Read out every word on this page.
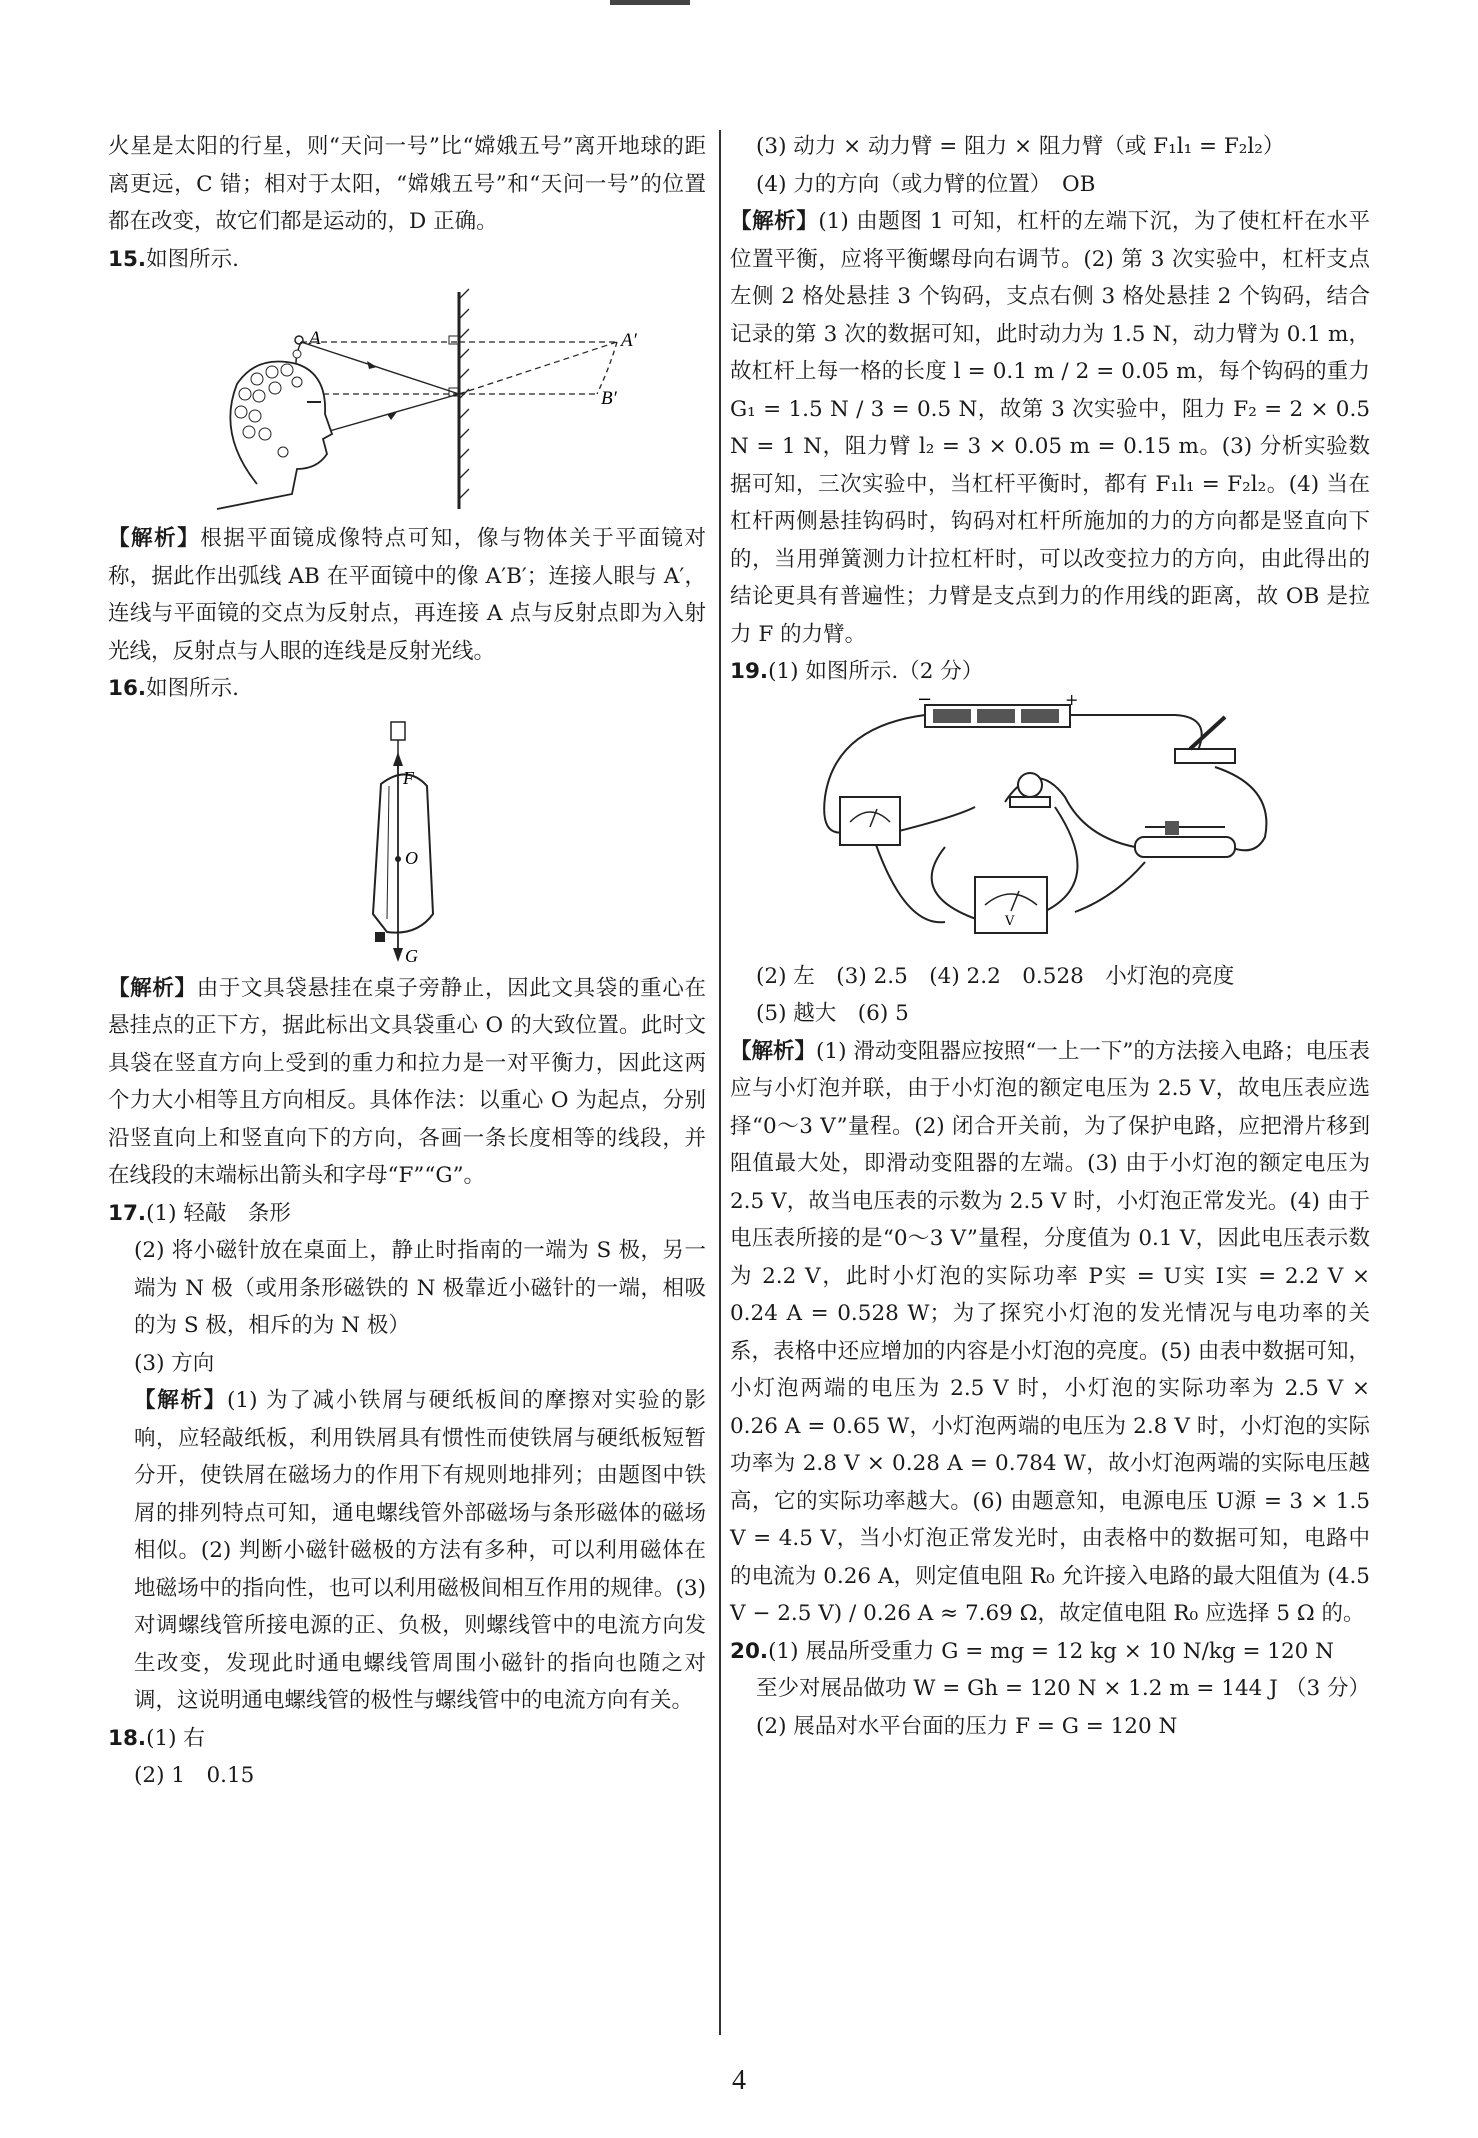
火星是太阳的行星，则“天问一号”比“嫦娥五号”离开地球的距离更远，C 错；相对于太阳，“嫦娥五号”和“天问一号”的位置都在改变，故它们都是运动的，D 正确。

15.如图所示.

A	A′
B′

【解析】根据平面镜成像特点可知，像与物体关于平面镜对称，据此作出弧线 AB 在平面镜中的像 A′B′；连接人眼与 A′，连线与平面镜的交点为反射点，再连接 A 点与反射点即为入射光线，反射点与人眼的连线是反射光线。

16.如图所示.

F
O
G

【解析】由于文具袋悬挂在桌子旁静止，因此文具袋的重心在悬挂点的正下方，据此标出文具袋重心 O 的大致位置。此时文具袋在竖直方向上受到的重力和拉力是一对平衡力，因此这两个力大小相等且方向相反。具体作法：以重心 O 为起点，分别沿竖直向上和竖直向下的方向，各画一条长度相等的线段，并在线段的末端标出箭头和字母“F”“G”。

17.(1) 轻敲　条形

(2) 将小磁针放在桌面上，静止时指南的一端为 S 极，另一端为 N 极（或用条形磁铁的 N 极靠近小磁针的一端，相吸的为 S 极，相斥的为 N 极）

(3) 方向

【解析】(1) 为了减小铁屑与硬纸板间的摩擦对实验的影响，应轻敲纸板，利用铁屑具有惯性而使铁屑与硬纸板短暂分开，使铁屑在磁场力的作用下有规则地排列；由题图中铁屑的排列特点可知，通电螺线管外部磁场与条形磁体的磁场相似。(2) 判断小磁针磁极的方法有多种，可以利用磁体在地磁场中的指向性，也可以利用磁极间相互作用的规律。(3) 对调螺线管所接电源的正、负极，则螺线管中的电流方向发生改变，发现此时通电螺线管周围小磁针的指向也随之对调，这说明通电螺线管的极性与螺线管中的电流方向有关。

18.(1) 右

(2) 1　0.15

(3) 动力 × 动力臂 = 阻力 × 阻力臂（或 F₁l₁ = F₂l₂）

(4) 力的方向（或力臂的位置）　OB

【解析】(1) 由题图 1 可知，杠杆的左端下沉，为了使杠杆在水平位置平衡，应将平衡螺母向右调节。(2) 第 3 次实验中，杠杆支点左侧 2 格处悬挂 3 个钩码，支点右侧 3 格处悬挂 2 个钩码，结合记录的第 3 次的数据可知，此时动力为 1.5 N，动力臂为 0.1 m，故杠杆上每一格的长度 l = 0.1 m / 2 = 0.05 m，每个钩码的重力 G₁ = 1.5 N / 3 = 0.5 N，故第 3 次实验中，阻力 F₂ = 2 × 0.5 N = 1 N，阻力臂 l₂ = 3 × 0.05 m = 0.15 m。(3) 分析实验数据可知，三次实验中，当杠杆平衡时，都有 F₁l₁ = F₂l₂。(4) 当在杠杆两侧悬挂钩码时，钩码对杠杆所施加的力的方向都是竖直向下的，当用弹簧测力计拉杠杆时，可以改变拉力的方向，由此得出的结论更具有普遍性；力臂是支点到力的作用线的距离，故 OB 是拉力 F 的力臂。

19.(1) 如图所示.（2 分）

−	+
V

(2) 左　(3) 2.5　(4) 2.2　0.528　小灯泡的亮度

(5) 越大　(6) 5

【解析】(1) 滑动变阻器应按照“一上一下”的方法接入电路；电压表应与小灯泡并联，由于小灯泡的额定电压为 2.5 V，故电压表应选择“0～3 V”量程。(2) 闭合开关前，为了保护电路，应把滑片移到阻值最大处，即滑动变阻器的左端。(3) 由于小灯泡的额定电压为 2.5 V，故当电压表的示数为 2.5 V 时，小灯泡正常发光。(4) 由于电压表所接的是“0～3 V”量程，分度值为 0.1 V，因此电压表示数为 2.2 V，此时小灯泡的实际功率 P实 = U实 I实 = 2.2 V × 0.24 A = 0.528 W；为了探究小灯泡的发光情况与电功率的关系，表格中还应增加的内容是小灯泡的亮度。(5) 由表中数据可知，小灯泡两端的电压为 2.5 V 时，小灯泡的实际功率为 2.5 V × 0.26 A = 0.65 W，小灯泡两端的电压为 2.8 V 时，小灯泡的实际功率为 2.8 V × 0.28 A = 0.784 W，故小灯泡两端的实际电压越高，它的实际功率越大。(6) 由题意知，电源电压 U源 = 3 × 1.5 V = 4.5 V，当小灯泡正常发光时，由表格中的数据可知，电路中的电流为 0.26 A，则定值电阻 R₀ 允许接入电路的最大阻值为 (4.5 V − 2.5 V) / 0.26 A ≈ 7.69 Ω，故定值电阻 R₀ 应选择 5 Ω 的。

20.(1) 展品所受重力 G = mg = 12 kg × 10 N/kg = 120 N

至少对展品做功 W = Gh = 120 N × 1.2 m = 144 J （3 分）

(2) 展品对水平台面的压力 F = G = 120 N

4
